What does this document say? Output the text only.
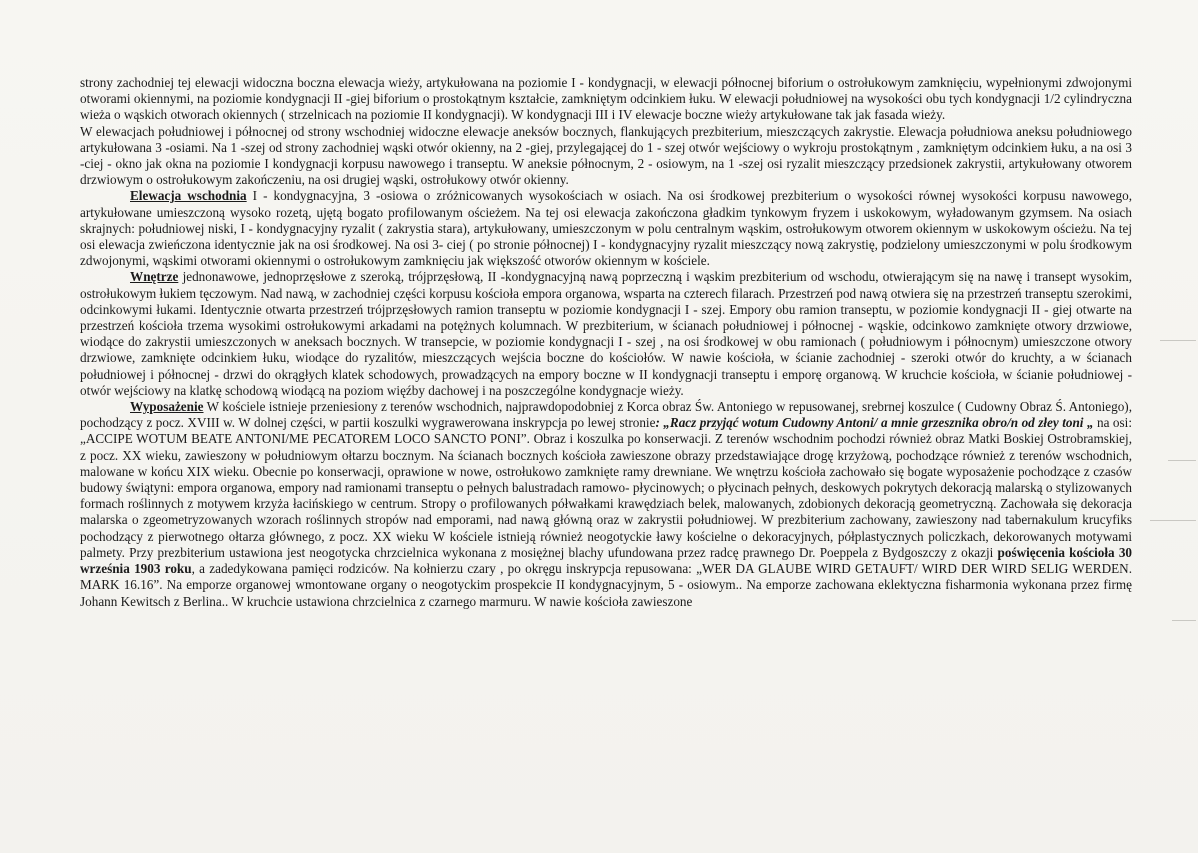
strony zachodniej tej elewacji widoczna boczna elewacja wieży, artykułowana na poziomie I - kondygnacji, w elewacji północnej biforium o ostrołukowym zamknięciu, wypełnionymi zdwojonymi otworami okiennymi, na poziomie kondygnacji II -giej biforium o prostokątnym kształcie, zamkniętym odcinkiem łuku. W elewacji południowej na wysokości obu tych kondygnacji 1/2 cylindryczna wieża o wąskich otworach okiennych ( strzelnicach na poziomie II kondygnacji). W kondygnacji III i IV elewacje boczne wieży artykułowane tak jak fasada wieży.

W elewacjach południowej i północnej od strony wschodniej widoczne elewacje aneksów bocznych, flankujących prezbiterium, mieszczących zakrystie. Elewacja południowa aneksu południowego artykułowana 3 -osiami. Na 1 -szej od strony zachodniej wąski otwór okienny, na 2 -giej, przylegającej do 1 - szej otwór wejściowy o wykroju prostokątnym , zamkniętym odcinkiem łuku, a na osi 3 -ciej - okno jak okna na poziomie I kondygnacji korpusu nawowego i transeptu. W aneksie północnym, 2 - osiowym, na 1 -szej osi ryzalit mieszczący przedsionek zakrystii, artykułowany otworem drzwiowym o ostrołukowym zakończeniu, na osi drugiej wąski, ostrołukowy otwór okienny.

Elewacja wschodnia I - kondygnacyjna, 3 -osiowa o zróżnicowanych wysokościach w osiach. Na osi środkowej prezbiterium o wysokości równej wysokości korpusu nawowego, artykułowane umieszczoną wysoko rozetą, ujętą bogato profilowanym ościeżem. Na tej osi elewacja zakończona gładkim tynkowym fryzem i uskokowym, wyładowanym gzymsem. Na osiach skrajnych: południowej niski, I - kondygnacyjny ryzalit ( zakrystia stara), artykułowany, umieszczonym w polu centralnym wąskim, ostrołukowym otworem okiennym w uskokowym ościeżu. Na tej osi elewacja zwieńczona identycznie jak na osi środkowej. Na osi 3- ciej ( po stronie północnej) I - kondygnacyjny ryzalit mieszczący nową zakrystię, podzielony umieszczonymi w polu środkowym zdwojonymi, wąskimi otworami okiennymi o ostrołukowym zamknięciu jak większość otworów okiennym w kościele.

Wnętrze jednonawowe, jednoprzęsłowe z szeroką, trójprzęsłową, II -kondygnacyjną nawą poprzeczną i wąskim prezbiterium od wschodu, otwierającym się na nawę i transept wysokim, ostrołukowym łukiem tęczowym. Nad nawą, w zachodniej części korpusu kościoła empora organowa, wsparta na czterech filarach. Przestrzeń pod nawą otwiera się na przestrzeń transeptu szerokimi, odcinkowymi łukami. Identycznie otwarta przestrzeń trójprzęsłowych ramion transeptu w poziomie kondygnacji I - szej. Empory obu ramion transeptu, w poziomie kondygnacji II - giej otwarte na przestrzeń kościoła trzema wysokimi ostrołukowymi arkadami na potężnych kolumnach. W prezbiterium, w ścianach południowej i północnej - wąskie, odcinkowo zamknięte otwory drzwiowe, wiodące do zakrystii umieszczonych w aneksach bocznych. W transepcie, w poziomie kondygnacji I - szej , na osi środkowej w obu ramionach ( południowym i północnym) umieszczone otwory drzwiowe, zamknięte odcinkiem łuku, wiodące do ryzalitów, mieszczących wejścia boczne do kościołów. W nawie kościoła, w ścianie zachodniej - szeroki otwór do kruchty, a w ścianach południowej i północnej - drzwi do okrągłych klatek schodowych, prowadzących na empory boczne w II kondygnacji transeptu i emporę organową. W kruchcie kościoła, w ścianie południowej - otwór wejściowy na klatkę schodową wiodącą na poziom więźby dachowej i na poszczególne kondygnacje wieży.

Wyposażenie W kościele istnieje przeniesiony z terenów wschodnich, najprawdopodobniej z Korca obraz Św. Antoniego w repusowanej, srebrnej koszulce ( Cudowny Obraz Ś. Antoniego), pochodzący z pocz. XVIII w. W dolnej części, w partii koszulki wygrawerowana inskrypcja po lewej stronie: „Racz przyjąć wotum Cudowny Antoni/ a mnie grzesznika obro/n od złey toni „ na osi: „ACCIPE WOTUM BEATE ANTONI/ME PECATOREM LOCO SANCTO PONI”. Obraz i koszulka po konserwacji. Z terenów wschodnim pochodzi również obraz Matki Boskiej Ostrobramskiej, z pocz. XX wieku, zawieszony w południowym ołtarzu bocznym. Na ścianach bocznych kościoła zawieszone obrazy przedstawiające drogę krzyżową, pochodzące również z terenów wschodnich, malowane w końcu XIX wieku. Obecnie po konserwacji, oprawione w nowe, ostrołukowo zamknięte ramy drewniane. We wnętrzu kościoła zachowało się bogate wyposażenie pochodzące z czasów budowy świątyni: empora organowa, empory nad ramionami transeptu o pełnych balustradach ramowo- płycinowych; o płycinach pełnych, deskowych pokrytych dekoracją malarską o stylizowanych formach roślinnych z motywem krzyża łacińskiego w centrum. Stropy o profilowanych półwałkami krawędziach belek, malowanych, zdobionych dekoracją geometryczną. Zachowała się dekoracja malarska o zgeometryzowanych wzorach roślinnych stropów nad emporami, nad nawą główną oraz w zakrystii południowej. W prezbiterium zachowany, zawieszony nad tabernakulum krucyfiks pochodzący z pierwotnego ołtarza głównego, z pocz. XX wieku W kościele istnieją również neogotyckie ławy kościelne o dekoracyjnych, półplastycznych policzkach, dekorowanych motywami palmety. Przy prezbiterium ustawiona jest neogotycka chrzcielnica wykonana z mosiężnej blachy ufundowana przez radcę prawnego Dr. Poeppela z Bydgoszczy z okazji poświęcenia kościoła 30 września 1903 roku, a zadedykowana pamięci rodziców. Na kołnierzu czary , po okręgu inskrypcja repusowana: „WER DA GLAUBE WIRD GETAUFT/ WIRD DER WIRD SELIG WERDEN. MARK 16.16”. Na emporze organowej wmontowane organy o neogotyckim prospekcie II kondygnacyjnym, 5 - osiowym.. Na emporze zachowana eklektyczna fisharmonia wykonana przez firmę Johann Kewitsch z Berlina.. W kruchcie ustawiona chrzcielnica z czarnego marmuru. W nawie kościoła zawieszone
